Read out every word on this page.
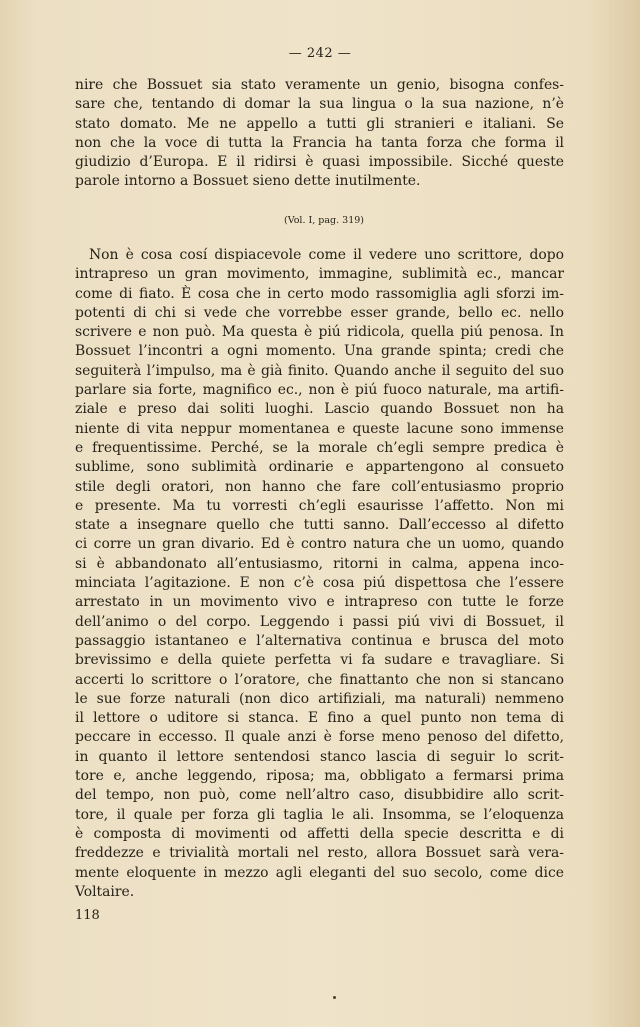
— 242 —
nire che Bossuet sia stato veramente un genio, bisogna confes-
sare che, tentando di domar la sua lingua o la sua nazione, n’è
stato domato. Me ne appello a tutti gli stranieri e italiani. Se
non che la voce di tutta la Francia ha tanta forza che forma il
giudizio d’Europa. E il ridirsi è quasi impossibile. Sicché queste
parole intorno a Bossuet sieno dette inutilmente.
(Vol. I, pag. 319)
Non è cosa cosí dispiacevole come il vedere uno scrittore, dopo
intrapreso un gran movimento, immagine, sublimità ec., mancar
come di fiato. È cosa che in certo modo rassomiglia agli sforzi im-
potenti di chi si vede che vorrebbe esser grande, bello ec. nello
scrivere e non può. Ma questa è piú ridicola, quella piú penosa. In
Bossuet l’incontri a ogni momento. Una grande spinta; credi che
seguiterà l’impulso, ma è già finito. Quando anche il seguito del suo
parlare sia forte, magnifico ec., non è piú fuoco naturale, ma artifi-
ziale e preso dai soliti luoghi. Lascio quando Bossuet non ha
niente di vita neppur momentanea e queste lacune sono immense
e frequentissime. Perché, se la morale ch’egli sempre predica è
sublime, sono sublimità ordinarie e appartengono al consueto
stile degli oratori, non hanno che fare coll’entusiasmo proprio
e presente. Ma tu vorresti ch’egli esaurisse l’affetto. Non mi
state a insegnare quello che tutti sanno. Dall’eccesso al difetto
ci corre un gran divario. Ed è contro natura che un uomo, quando
si è abbandonato all’entusiasmo, ritorni in calma, appena inco-
minciata l’agitazione. E non c’è cosa piú dispettosa che l’essere
arrestato in un movimento vivo e intrapreso con tutte le forze
dell’animo o del corpo. Leggendo i passi piú vivi di Bossuet, il
passaggio istantaneo e l’alternativa continua e brusca del moto
brevissimo e della quiete perfetta vi fa sudare e travagliare. Si
accerti lo scrittore o l’oratore, che finattanto che non si stancano
le sue forze naturali (non dico artifiziali, ma naturali) nemmeno
il lettore o uditore si stanca. E fino a quel punto non tema di
peccare in eccesso. Il quale anzi è forse meno penoso del difetto,
in quanto il lettore sentendosi stanco lascia di seguir lo scrit-
tore e, anche leggendo, riposa; ma, obbligato a fermarsi prima
del tempo, non può, come nell’altro caso, disubbidire allo scrit-
tore, il quale per forza gli taglia le ali. Insomma, se l’eloquenza
è composta di movimenti od affetti della specie descritta e di
freddezze e trivialità mortali nel resto, allora Bossuet sarà vera-
mente eloquente in mezzo agli eleganti del suo secolo, come dice
Voltaire.
118
